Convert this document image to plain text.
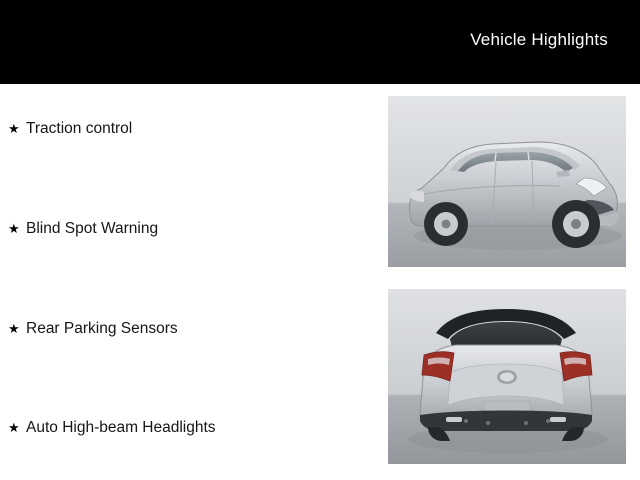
Vehicle Highlights
★ Traction control
★ Blind Spot Warning
★ Rear Parking Sensors
★ Auto High-beam Headlights
